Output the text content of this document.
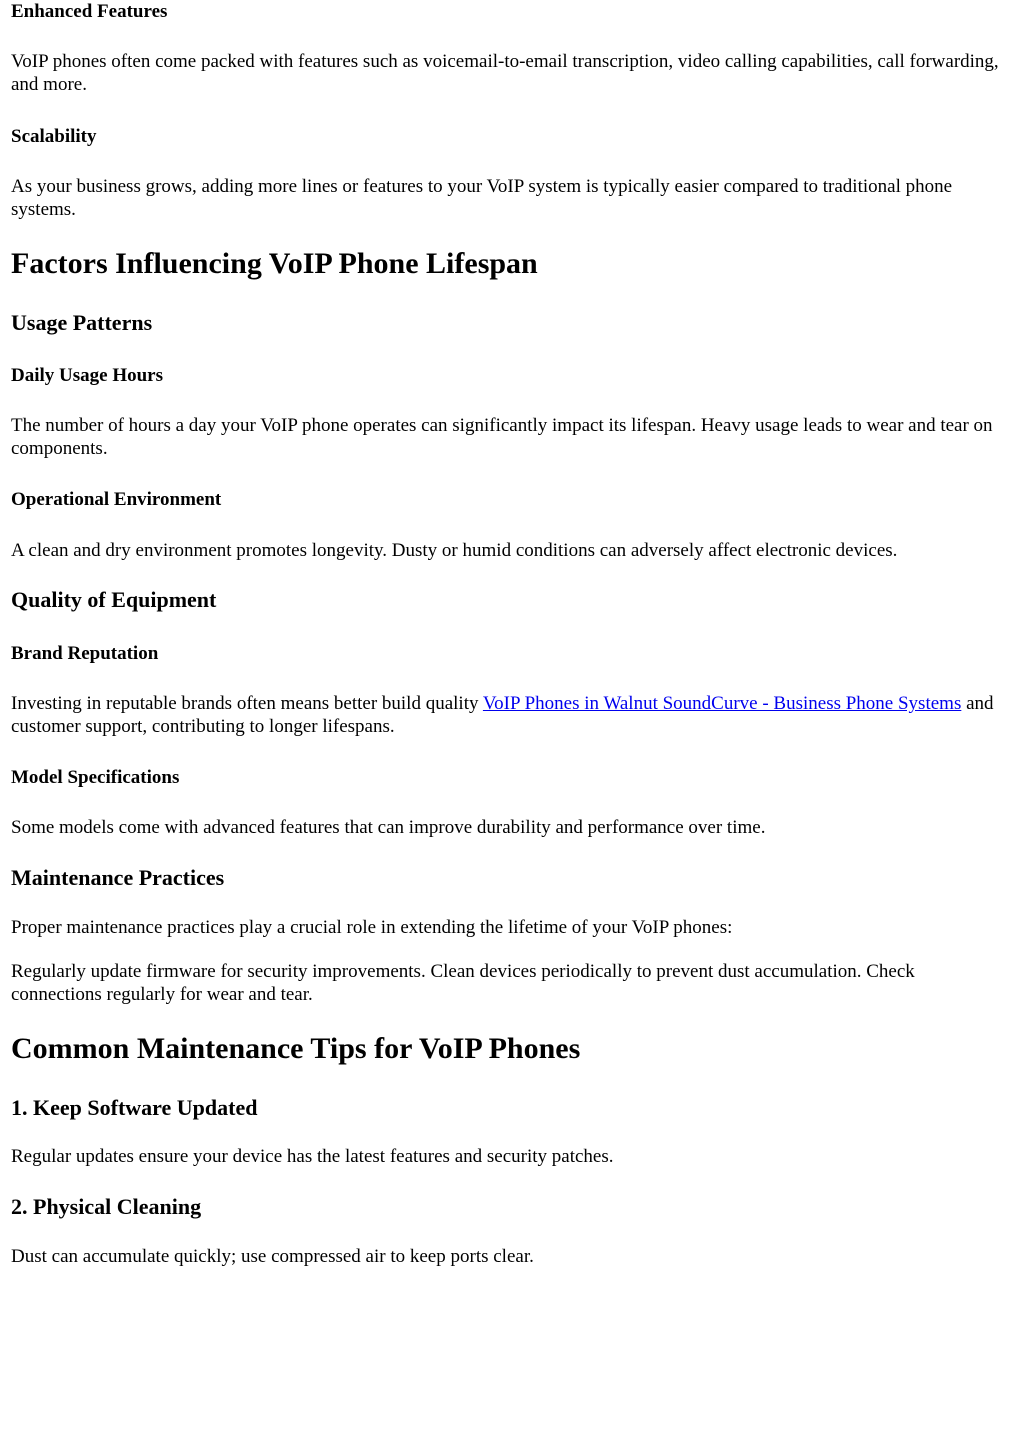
Enhanced Features

VoIP phones often come packed with features such as voicemail-to-email transcription, video calling capabilities, call forwarding, and more.

Scalability

As your business grows, adding more lines or features to your VoIP system is typically easier compared to traditional phone systems.

Factors Influencing VoIP Phone Lifespan
Usage Patterns
Daily Usage Hours

The number of hours a day your VoIP phone operates can significantly impact its lifespan. Heavy usage leads to wear and tear on components.

Operational Environment

A clean and dry environment promotes longevity. Dusty or humid conditions can adversely affect electronic devices.

Quality of Equipment
Brand Reputation

Investing in reputable brands often means better build quality VoIP Phones in Walnut SoundCurve - Business Phone Systems and customer support, contributing to longer lifespans.

Model Specifications

Some models come with advanced features that can improve durability and performance over time.

Maintenance Practices

Proper maintenance practices play a crucial role in extending the lifetime of your VoIP phones:

Regularly update firmware for security improvements. Clean devices periodically to prevent dust accumulation. Check connections regularly for wear and tear.

Common Maintenance Tips for VoIP Phones
1. Keep Software Updated

Regular updates ensure your device has the latest features and security patches.

2. Physical Cleaning

Dust can accumulate quickly; use compressed air to keep ports clear.
